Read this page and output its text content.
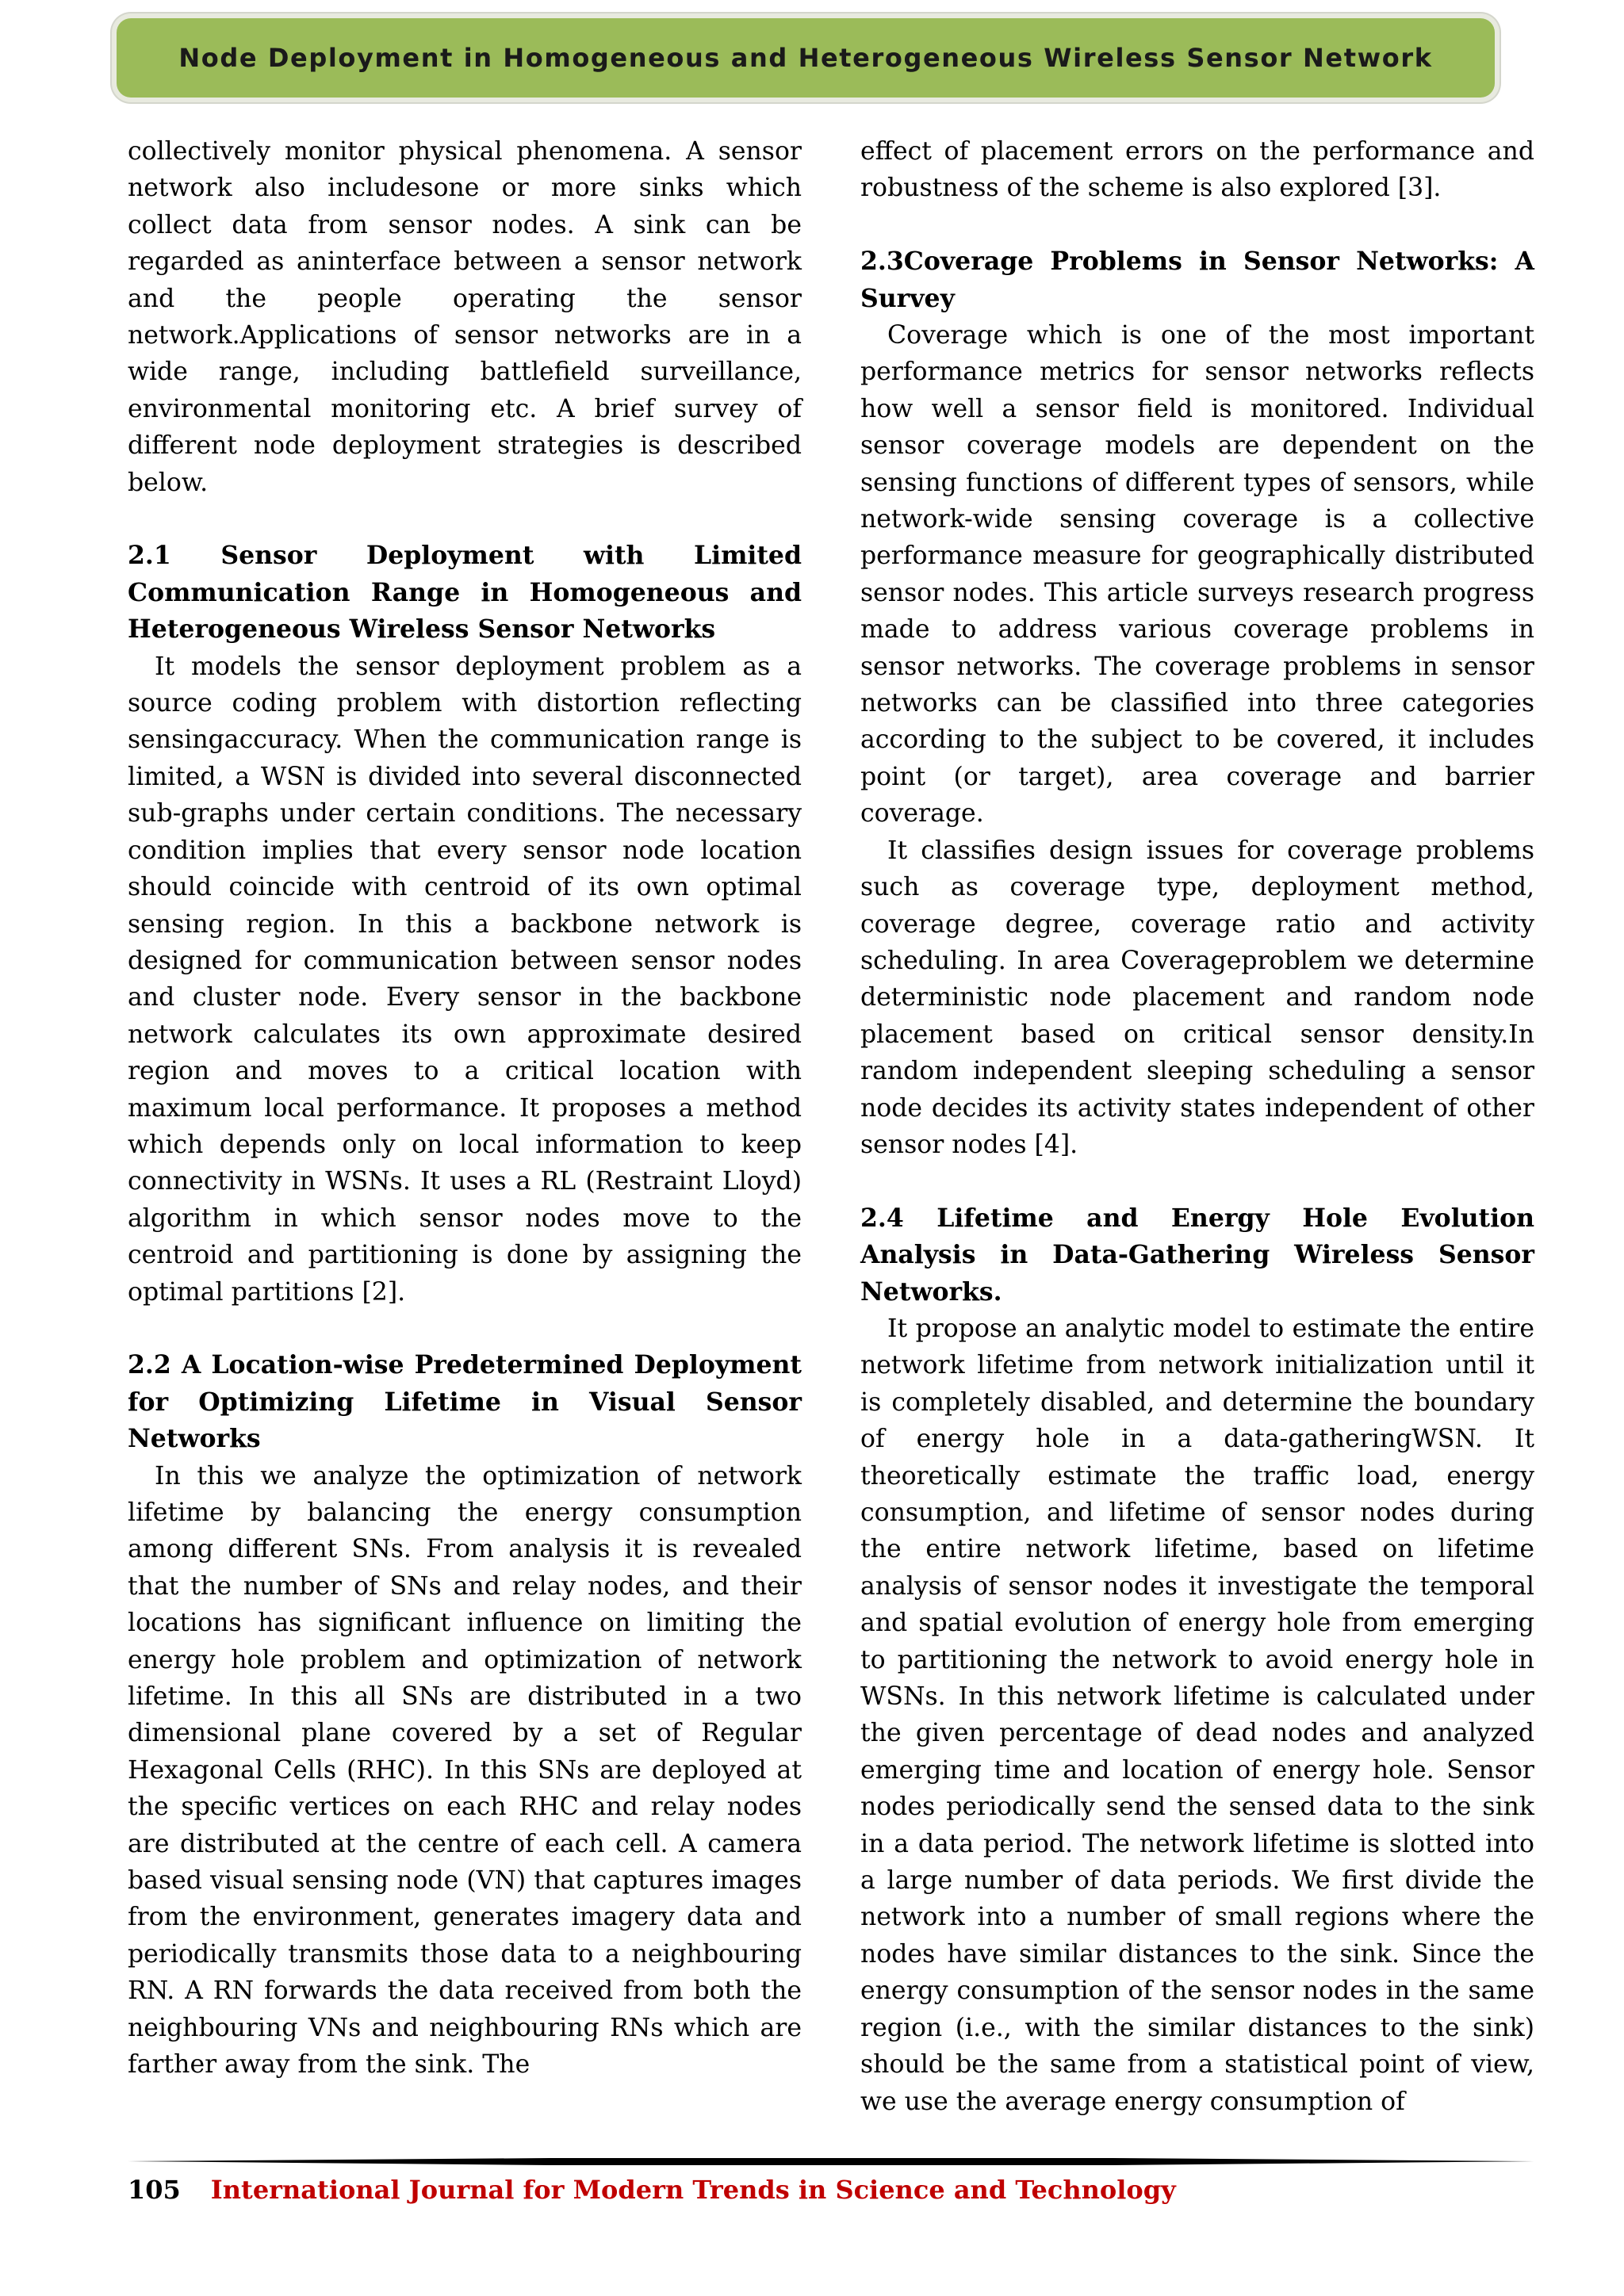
Node Deployment in Homogeneous and Heterogeneous Wireless Sensor Network

collectively monitor physical phenomena. A sensor network also includesone or more sinks which collect data from sensor nodes. A sink can be regarded as aninterface between a sensor network and the people operating the sensor network.Applications of sensor networks are in a wide range, including battlefield surveillance, environmental monitoring etc. A brief survey of different node deployment strategies is described below.

2.1 Sensor Deployment with Limited Communication Range in Homogeneous and Heterogeneous Wireless Sensor Networks

It models the sensor deployment problem as a source coding problem with distortion reflecting sensingaccuracy. When the communication range is limited, a WSN is divided into several disconnected sub-graphs under certain conditions. The necessary condition implies that every sensor node location should coincide with centroid of its own optimal sensing region. In this a backbone network is designed for communication between sensor nodes and cluster node. Every sensor in the backbone network calculates its own approximate desired region and moves to a critical location with maximum local performance. It proposes a method which depends only on local information to keep connectivity in WSNs. It uses a RL (Restraint Lloyd) algorithm in which sensor nodes move to the centroid and partitioning is done by assigning the optimal partitions [2].

2.2 A Location-wise Predetermined Deployment for Optimizing Lifetime in Visual Sensor Networks

In this we analyze the optimization of network lifetime by balancing the energy consumption among different SNs. From analysis it is revealed that the number of SNs and relay nodes, and their locations has significant influence on limiting the energy hole problem and optimization of network lifetime. In this all SNs are distributed in a two dimensional plane covered by a set of Regular Hexagonal Cells (RHC). In this SNs are deployed at the specific vertices on each RHC and relay nodes are distributed at the centre of each cell. A camera based visual sensing node (VN) that captures images from the environment, generates imagery data and periodically transmits those data to a neighbouring RN. A RN forwards the data received from both the neighbouring VNs and neighbouring RNs which are farther away from the sink. The

effect of placement errors on the performance and robustness of the scheme is also explored [3].

2.3Coverage Problems in Sensor Networks: A Survey

Coverage which is one of the most important performance metrics for sensor networks reflects how well a sensor field is monitored. Individual sensor coverage models are dependent on the sensing functions of different types of sensors, while network-wide sensing coverage is a collective performance measure for geographically distributed sensor nodes. This article surveys research progress made to address various coverage problems in sensor networks. The coverage problems in sensor networks can be classified into three categories according to the subject to be covered, it includes point (or target), area coverage and barrier coverage.

It classifies design issues for coverage problems such as coverage type, deployment method, coverage degree, coverage ratio and activity scheduling. In area Coverageproblem we determine deterministic node placement and random node placement based on critical sensor density.In random independent sleeping scheduling a sensor node decides its activity states independent of other sensor nodes [4].

2.4 Lifetime and Energy Hole Evolution Analysis in Data-Gathering Wireless Sensor Networks.

It propose an analytic model to estimate the entire network lifetime from network initialization until it is completely disabled, and determine the boundary of energy hole in a data-gatheringWSN. It theoretically estimate the traffic load, energy consumption, and lifetime of sensor nodes during the entire network lifetime, based on lifetime analysis of sensor nodes it investigate the temporal and spatial evolution of energy hole from emerging to partitioning the network to avoid energy hole in WSNs. In this network lifetime is calculated under the given percentage of dead nodes and analyzed emerging time and location of energy hole. Sensor nodes periodically send the sensed data to the sink in a data period. The network lifetime is slotted into a large number of data periods. We first divide the network into a number of small regions where the nodes have similar distances to the sink. Since the energy consumption of the sensor nodes in the same region (i.e., with the similar distances to the sink) should be the same from a statistical point of view, we use the average energy consumption of

105 International Journal for Modern Trends in Science and Technology
